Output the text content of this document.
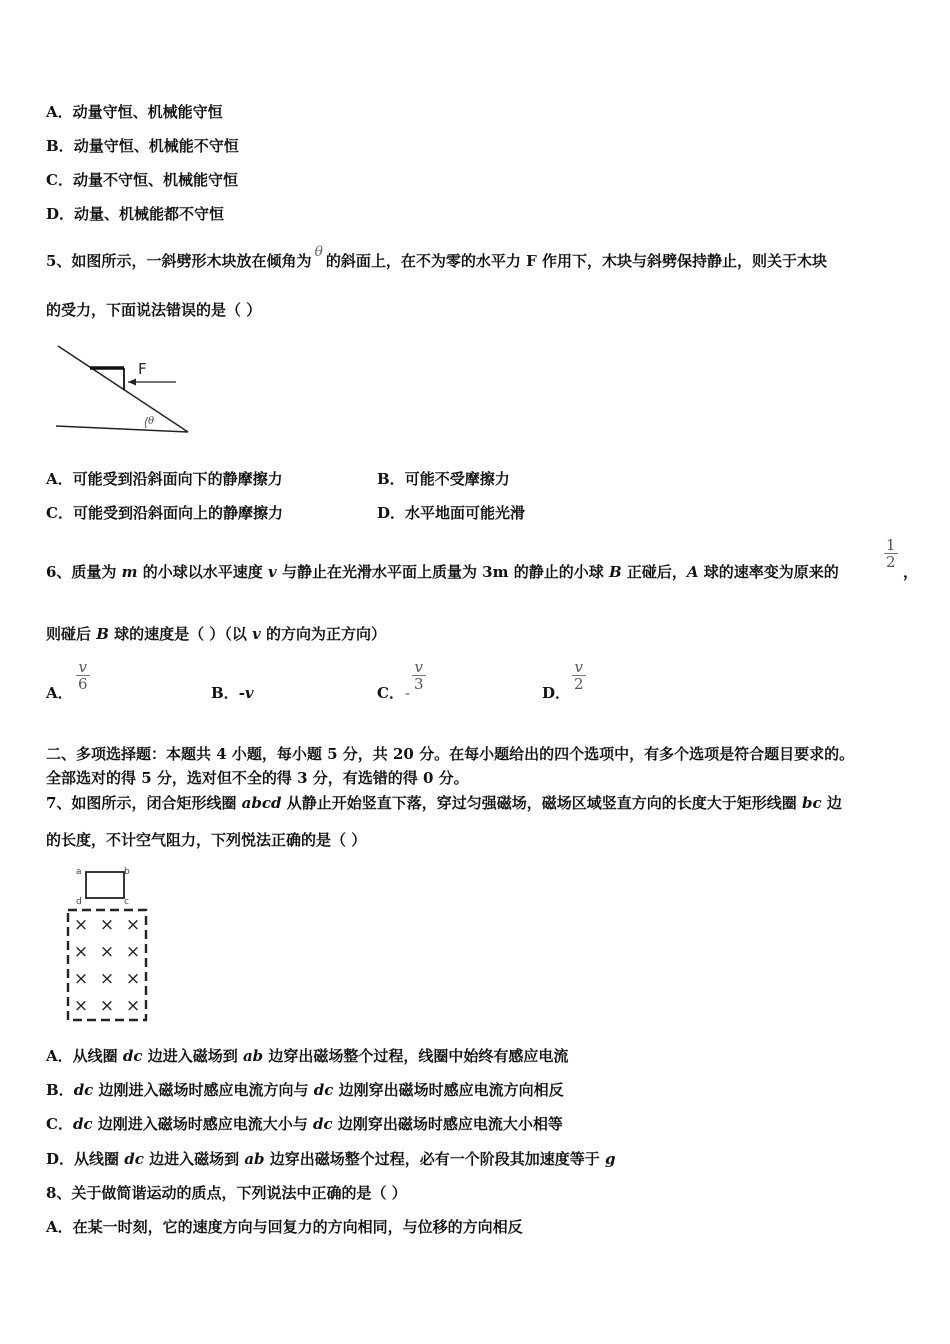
A．动量守恒、机械能守恒
B．动量守恒、机械能不守恒
C．动量不守恒、机械能守恒
D．动量、机械能都不守恒
5、如图所示，一斜劈形木块放在倾角为 θ 的斜面上，在不为零的水平力 F 作用下，木块与斜劈保持静止，则关于木块
的受力，下面说法错误的是（ ）
F
θ
A．可能受到沿斜面向下的静摩擦力	B．可能不受摩擦力
C．可能受到沿斜面向上的静摩擦力	D．水平地面可能光滑
6、质量为 m 的小球以水平速度 v 与静止在光滑水平面上质量为 3m 的静止的小球 B 正碰后，A 球的速率变为原来的
$\frac{1}{2}$
，
则碰后 B 球的速度是（ ）（以 v 的方向为正方向）
A．
$\frac{v}{6}$
B．-v	C． -
$\frac{v}{3}$
D．
$\frac{v}{2}$
二、多项选择题：本题共 4 小题，每小题 5 分，共 20 分。在每小题给出的四个选项中，有多个选项是符合题目要求的。
全部选对的得 5 分，选对但不全的得 3 分，有选错的得 0 分。
7、如图所示，闭合矩形线圈 abcd 从静止开始竖直下落，穿过匀强磁场，磁场区域竖直方向的长度大于矩形线圈 bc 边
的长度，不计空气阻力，下列悦法正确的是（ ）
a	b
d	c
× × ×
× × ×
× × ×
× × ×
A．从线圈 dc 边进入磁场到 ab 边穿出磁场整个过程，线圈中始终有感应电流
B．dc 边刚进入磁场时感应电流方向与 dc 边刚穿出磁场时感应电流方向相反
C．dc 边刚进入磁场时感应电流大小与 dc 边刚穿出磁场时感应电流大小相等
D．从线圈 dc 边进入磁场到 ab 边穿出磁场整个过程，必有一个阶段其加速度等于 g
8、关于做简谐运动的质点，下列说法中正确的是（ ）
A．在某一时刻，它的速度方向与回复力的方向相同，与位移的方向相反
